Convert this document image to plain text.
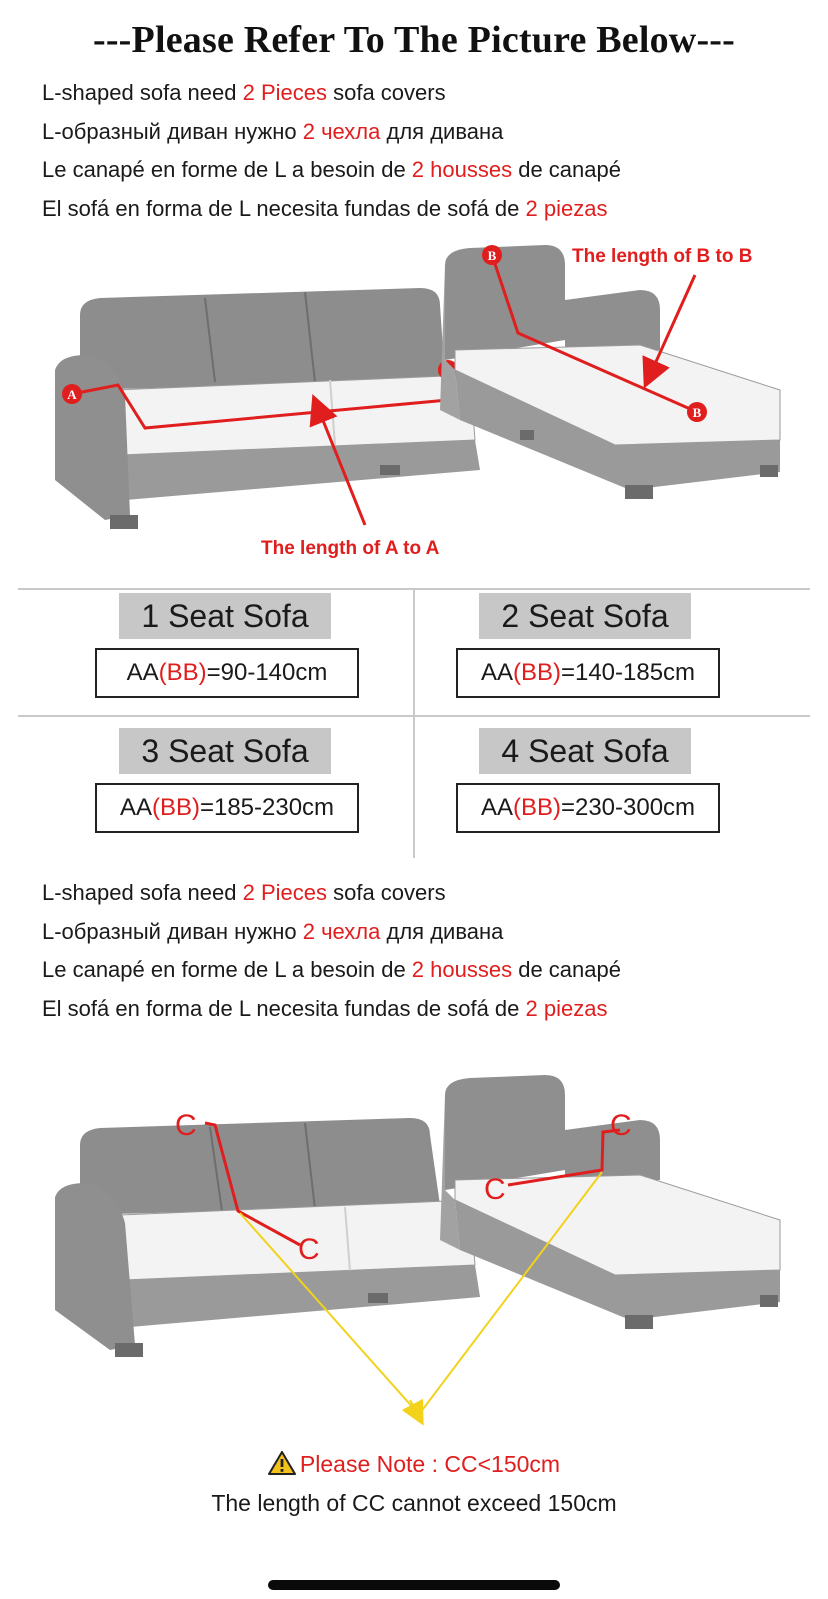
---Please Refer To The Picture Below---
L-shaped sofa need 2 Pieces sofa covers
L-образный диван нужно 2 чехла для дивана
Le canapé en forme de L a besoin de 2 housses de canapé
El sofá en forma de L necesita fundas de sofá de 2 piezas
A
B
B
The length of B to B
The length of A to A
1 Seat Sofa
AA(BB)=90-140cm
2 Seat Sofa
AA(BB)=140-185cm
3 Seat Sofa
AA(BB)=185-230cm
4 Seat Sofa
AA(BB)=230-300cm
L-shaped sofa need 2 Pieces sofa covers
L-образный диван нужно 2 чехла для дивана
Le canapé en forme de L a besoin de 2 housses de canapé
El sofá en forma de L necesita fundas de sofá de 2 piezas
C
C
C
C
Please Note : CC<150cm
The length of CC cannot exceed 150cm
